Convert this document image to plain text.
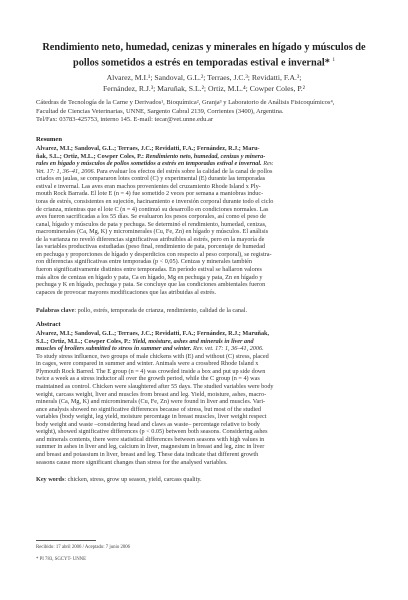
Rendimiento neto, humedad, cenizas y minerales en hígado y músculos de
pollos sometidos a estrés en temporadas estival e invernal* $^1$
Alvarez, M.I.¹; Sandoval, G.L.²; Terraes, J.C.³; Revidatti, F.A.³;
Fernández, R.J.³; Maruñak, S.L.²; Ortiz, M.L.⁴; Cowper Coles, P.²
Cátedras de Tecnología de la Carne y Derivados¹, Bioquímica², Granja³ y Laboratorio de Análisis Fisicoquímicos⁴,
Facultad de Ciencias Veterinarias, UNNE, Sargento Cabral 2139, Corrientes (3400), Argentina.
Tel/Fax: 03783-425753, interno 145. E-mail: tecar@vet.unne.edu.ar
Resumen
Alvarez, M.I.; Sandoval, G.L.; Terraes, J.C.; Revidatti, F.A.; Fernández, R.J.; Maru-
ñak, S.L.; Ortiz, M.L.; Cowper Coles, P.: Rendimiento neto, humedad, cenizas y minera-
rales en hígado y músculos de pollos sometidos a estrés en temporadas estival e invernal. Rev.
Vet. 17: 1, 36–41, 2006. Para evaluar los efectos del estrés sobre la calidad de la canal de pollos
criados en jaulas, se compararon lotes control (C) y experimental (E) durante las temporadas
estival e invernal. Las aves eran machos provenientes del cruzamiento Rhode Island x Ply-
mouth Rock Barrada. El lote E (n = 4) fue sometido 2 veces por semana a maniobras induc-
toras de estrés, consistentes en sujeción, hacinamiento e inversión corporal durante todo el ciclo
de crianza, mientras que el lote C (n = 4) continuó su desarrollo en condiciones normales. Las
aves fueron sacrificadas a los 55 días. Se evaluaron los pesos corporales, así como el peso de
canal, hígado y músculos de pata y pechuga. Se determinó el rendimiento, humedad, cenizas,
macrominerales (Ca, Mg, K) y microminerales (Cu, Fe, Zn) en hígado y músculos. El análisis
de la varianza no reveló diferencias significativas atribuibles al estrés, pero en la mayoría de
las variables productivas estudiadas (peso final, rendimiento de pata, porcentaje de humedad
en pechuga y proporciones de hígado y desperdicios con respecto al peso corporal), se registra-
ron diferencias significativas entre temporadas (p < 0,05). Cenizas y minerales también
fueron significativamente distintos entre temporadas. En período estival se hallaron valores
más altos de cenizas en hígado y pata, Ca en hígado, Mg en pechuga y pata, Zn en hígado y
pechuga y K en hígado, pechuga y pata. Se concluye que las condiciones ambientales fueron
capaces de provocar mayores modificaciones que las atribuidas al estrés.
Palabras clave: pollo, estrés, temporada de crianza, rendimiento, calidad de la canal.
Abstract
Alvarez, M.I.; Sandoval, G.L.; Terraes, J.C.; Revidatti, F.A.; Fernández, R.J.; Maruñak,
S.L.; Ortiz, M.L.; Cowper Coles, P.: Yield, moisture, ashes and minerals in liver and
muscles of broilers submitted to stress in summer and winter. Rev. vet. 17: 1, 36–41, 2006.
To study stress influence, two groups of male chickens with (E) and without (C) stress, placed
in cages, were compared in summer and winter. Animals were a crossbred Rhode Island x
Plymouth Rock Barred. The E group (n = 4) was crowded inside a box and put up side down
twice a week as a stress inductor all over the growth period, while the C group (n = 4) was
maintained as control. Chicken were slaughtered after 55 days. The studied variables were body
weight, carcass weight, liver and muscles from breast and leg. Yield, moisture, ashes, macro-
minerals (Ca, Mg, K) and microminerals (Cu, Fe, Zn) were found in liver and muscles. Vari-
ance analysis showed no significative differences because of stress, but most of the studied
variables (body weight, leg yield, moisture percentage in breast muscles, liver weight respect
body weight and waste –considering head and claws as waste– percentage relative to body
weight), showed significative differences (p < 0.05) between both seasons. Considering ashes
and minerals contents, there were statistical differences between seasons with high values in
summer in ashes in liver and leg, calcium in liver, magnesium in breast and leg, zinc in liver
and breast and potassium in liver, breast and leg. These data indicate that different growth
seasons cause more significant changes than stress for the analysed variables.
Key words: chicken, stress, grow up season, yield, carcass quality.
Recibido: 17 abril 2006 / Aceptado: 7 junio 2006
* PI 783, SGCYT- UNNE
